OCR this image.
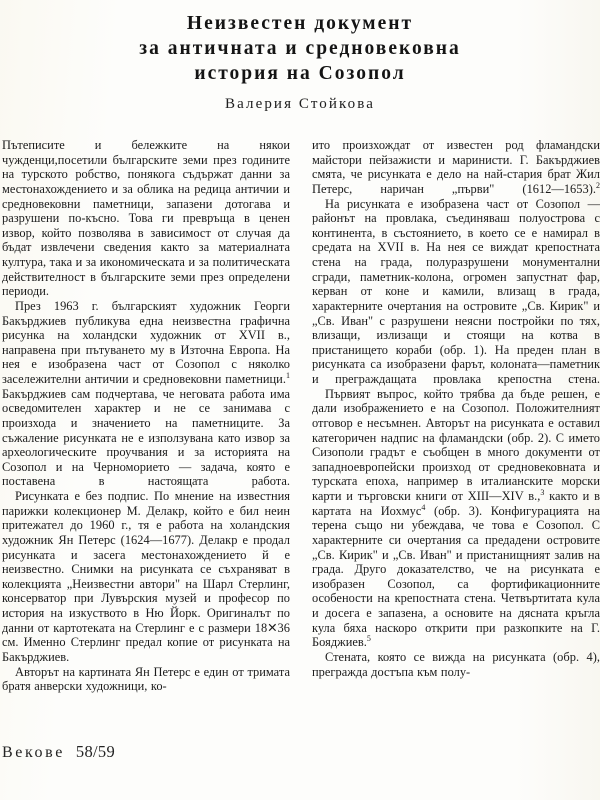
Неизвестен документ
за античната и средновековна
история на Созопол
Валерия Стойкова

Пътеписите и бележките на някои чужденци,посетили българските земи през годините на турското робство, понякога съдържат данни за местонахождението и за облика на редица античии и средновековни паметници, запазени дотогава и разрушени по-късно. Това ги превръща в ценен извор, който позволява в зависимост от случая да бъдат извлечени сведения както за материалната култура, така и за икономическата и за политическата действителност в българските земи през определени периоди.

През 1963 г. българският художник Георги Бакърджиев публикува една неизвестна графична рисунка на холандски художник от XVII в., направена при пътуването му в Източна Европа. На нея е изобразена част от Созопол с няколко засележителни античии и средновековни паметници.$^1$ Бакърджиев сам подчертава, че неговата работа има осведомителен характер и не се занимава с произхода и значението на паметниците. За съжаление рисунката не е използувана като извор за археологическите проучвания и за историята на Созопол и на Черноморието — задача, която е поставена в настоящата работа.

Рисунката е без подпис. По мнение на известния парижки колекционер М. Делакр, който е бил неин притежател до 1960 г., тя е работа на холандския художник Ян Петерс (1624—1677). Делакр е продал рисунката и засега местонахождението й е неизвестно. Снимки на рисунката се съхраняват в колекцията „Неизвестни автори" на Шарл Стерлинг, консерватор при Лувърския музей и професор по история на изкуството в Ню Йорк. Оригиналът по данни от картотеката на Стерлинг е с размери 18✕36 см. Именно Стерлинг предал копие от рисунката на Бакърджиев.

Авторът на картината Ян Петерс е един от тримата братя анверски художници, ко-

ито произхождат от известен род фламандски майстори пейзажисти и маринисти. Г. Бакърджиев смята, че рисунката е дело на най-стария брат Жил Петерс, наричан „първи" (1612—1653).$^2$

На рисунката е изобразена част от Созопол — районът на провлака, съединяваш полуострова с континента, в състоянието, в което се е намирал в средата на XVII в. На нея се виждат крепостната стена на града, полуразрушени монументални сгради, паметник-колона, огромен запустнат фар, керван от коне и камили, влизащ в града, характерните очертания на островите „Св. Кирик" и „Св. Иван" с разрушени неясни постройки по тях, влизащи, излизащи и стоящи на котва в пристанището кораби (обр. 1). На преден план в рисунката са изобразени фарът, колоната—паметник и преграждащата провлака крепостна стена.

Първият въпрос, който трябва да бъде решен, е дали изображението е на Созопол. Положителният отговор е несъмнен. Авторът на рисунката е оставил категоричен надпис на фламандски (обр. 2). С името Сизополи градът е съобщен в много документи от западноевропейски произход от средновековната и турската епоха, например в италианските морски карти и търговски книги от XIII—XIV в.,$^3$ както и в картата на Иохмус$^4$ (обр. 3). Конфигурацията на терена също ни убеждава, че това е Созопол. С характерните си очертания са предадени островите „Св. Кирик" и „Св. Иван" и пристанищният залив на града. Друго доказателство, че на рисунката е изобразен Созопол, са фортификационните особености на крепостната стена. Четвъртитата кула и досега е запазена, а основите на дясната кръгла кула бяха наскоро открити при разкопките на Г. Бояджиев.$^5$

Стената, която се вижда на рисунката (обр. 4), прегражда достъпа към полу-

Векове 58/59
